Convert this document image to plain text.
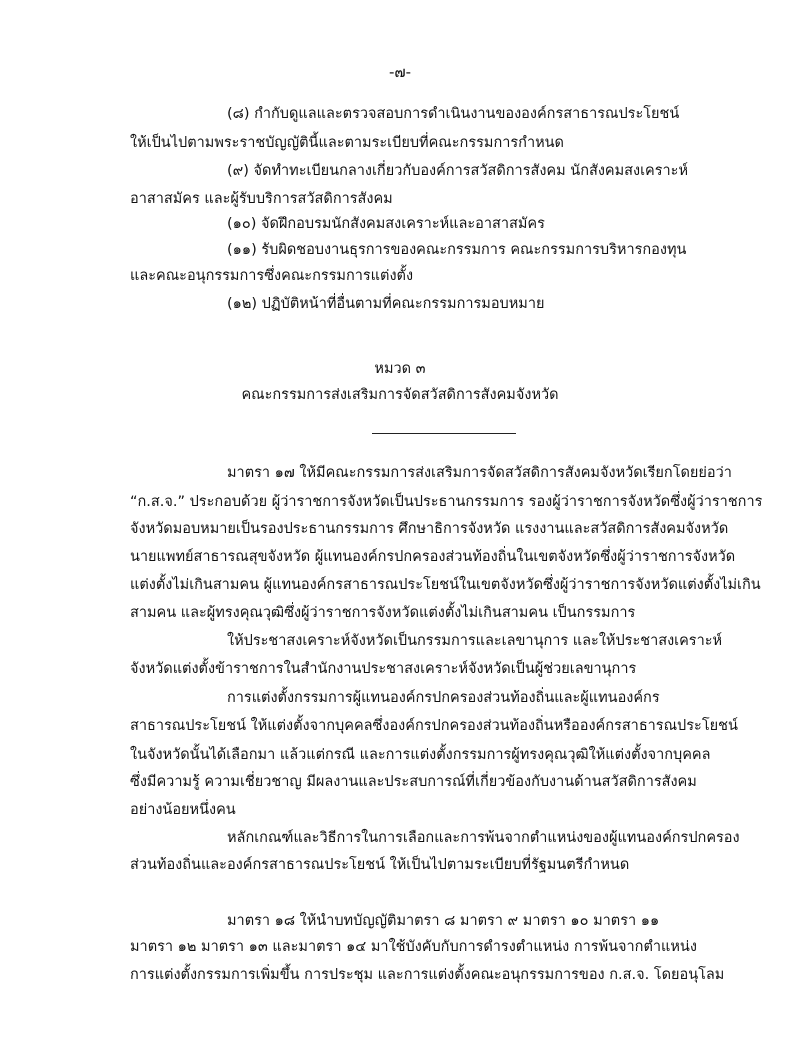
-๗-
(๘) กำกับดูแลและตรวจสอบการดำเนินงานขององค์กรสาธารณประโยชน์
ให้เป็นไปตามพระราชบัญญัตินี้และตามระเบียบที่คณะกรรมการกำหนด
(๙) จัดทำทะเบียนกลางเกี่ยวกับองค์การสวัสดิการสังคม นักสังคมสงเคราะห์
อาสาสมัคร และผู้รับบริการสวัสดิการสังคม
(๑๐) จัดฝึกอบรมนักสังคมสงเคราะห์และอาสาสมัคร
(๑๑) รับผิดชอบงานธุรการของคณะกรรมการ คณะกรรมการบริหารกองทุน
และคณะอนุกรรมการซึ่งคณะกรรมการแต่งตั้ง
(๑๒) ปฏิบัติหน้าที่อื่นตามที่คณะกรรมการมอบหมาย
หมวด ๓
คณะกรรมการส่งเสริมการจัดสวัสดิการสังคมจังหวัด
มาตรา ๑๗ ให้มีคณะกรรมการส่งเสริมการจัดสวัสดิการสังคมจังหวัดเรียกโดยย่อว่า
“ก.ส.จ.” ประกอบด้วย ผู้ว่าราชการจังหวัดเป็นประธานกรรมการ รองผู้ว่าราชการจังหวัดซึ่งผู้ว่าราชการ
จังหวัดมอบหมายเป็นรองประธานกรรมการ ศึกษาธิการจังหวัด แรงงานและสวัสดิการสังคมจังหวัด
นายแพทย์สาธารณสุขจังหวัด ผู้แทนองค์กรปกครองส่วนท้องถิ่นในเขตจังหวัดซึ่งผู้ว่าราชการจังหวัด
แต่งตั้งไม่เกินสามคน ผู้แทนองค์กรสาธารณประโยชน์ในเขตจังหวัดซึ่งผู้ว่าราชการจังหวัดแต่งตั้งไม่เกิน
สามคน และผู้ทรงคุณวุฒิซึ่งผู้ว่าราชการจังหวัดแต่งตั้งไม่เกินสามคน เป็นกรรมการ
ให้ประชาสงเคราะห์จังหวัดเป็นกรรมการและเลขานุการ และให้ประชาสงเคราะห์
จังหวัดแต่งตั้งข้าราชการในสำนักงานประชาสงเคราะห์จังหวัดเป็นผู้ช่วยเลขานุการ
การแต่งตั้งกรรมการผู้แทนองค์กรปกครองส่วนท้องถิ่นและผู้แทนองค์กร
สาธารณประโยชน์ ให้แต่งตั้งจากบุคคลซึ่งองค์กรปกครองส่วนท้องถิ่นหรือองค์กรสาธารณประโยชน์
ในจังหวัดนั้นได้เลือกมา แล้วแต่กรณี และการแต่งตั้งกรรมการผู้ทรงคุณวุฒิให้แต่งตั้งจากบุคคล
ซึ่งมีความรู้ ความเชี่ยวชาญ มีผลงานและประสบการณ์ที่เกี่ยวข้องกับงานด้านสวัสดิการสังคม
อย่างน้อยหนึ่งคน
หลักเกณฑ์และวิธีการในการเลือกและการพ้นจากตำแหน่งของผู้แทนองค์กรปกครอง
ส่วนท้องถิ่นและองค์กรสาธารณประโยชน์ ให้เป็นไปตามระเบียบที่รัฐมนตรีกำหนด
มาตรา ๑๘ ให้นำบทบัญญัติมาตรา ๘ มาตรา ๙ มาตรา ๑๐ มาตรา ๑๑
มาตรา ๑๒ มาตรา ๑๓ และมาตรา ๑๔ มาใช้บังคับกับการดำรงตำแหน่ง การพ้นจากตำแหน่ง
การแต่งตั้งกรรมการเพิ่มขึ้น การประชุม และการแต่งตั้งคณะอนุกรรมการของ ก.ส.จ. โดยอนุโลม
